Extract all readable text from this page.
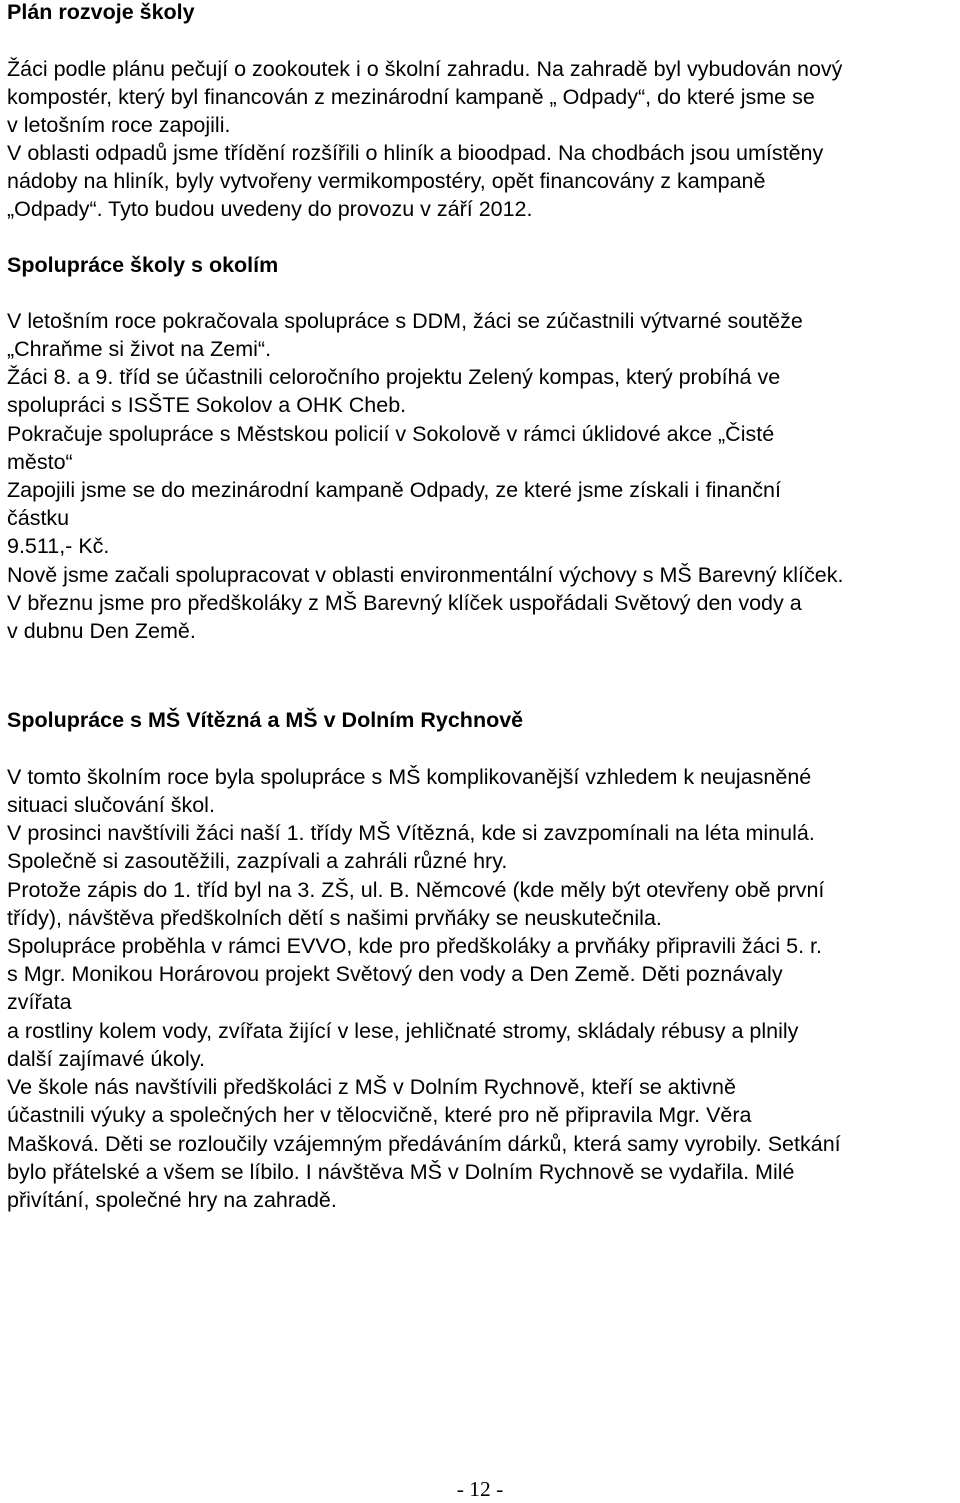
Plán rozvoje školy

Žáci podle plánu pečují o zookoutek i o školní zahradu. Na zahradě byl vybudován nový

kompostér, který byl financován z mezinárodní kampaně „ Odpady“, do které jsme se

v letošním roce zapojili.

V oblasti odpadů jsme třídění rozšířili o hliník a bioodpad. Na chodbách jsou umístěny

nádoby na hliník, byly vytvořeny vermikompostéry, opět financovány z kampaně

„Odpady“. Tyto budou uvedeny do provozu v září 2012.

Spolupráce školy s okolím

V letošním roce pokračovala spolupráce s DDM, žáci se zúčastnili výtvarné soutěže

„Chraňme si život na Zemi“.

Žáci 8. a 9. tříd se účastnili celoročního projektu Zelený kompas, který probíhá ve

spolupráci s ISŠTE Sokolov a OHK Cheb.

Pokračuje spolupráce s Městskou policií v Sokolově v rámci úklidové akce „Čisté

město“

Zapojili jsme se do mezinárodní kampaně Odpady, ze které jsme získali i finanční

částku

9.511,- Kč.

Nově jsme začali spolupracovat v oblasti environmentální výchovy s MŠ Barevný klíček.

V březnu jsme pro předškoláky z MŠ Barevný klíček uspořádali Světový den vody a

v dubnu Den Země.

Spolupráce s MŠ Vítězná a MŠ v Dolním Rychnově

V tomto školním roce byla spolupráce s MŠ komplikovanější vzhledem k neujasněné

situaci slučování škol.

V prosinci navštívili žáci naší 1. třídy MŠ Vítězná, kde si zavzpomínali na léta minulá.

Společně si zasoutěžili, zazpívali a zahráli různé hry.

Protože zápis do 1. tříd byl na 3. ZŠ, ul. B. Němcové (kde měly být otevřeny obě první

třídy), návštěva předškolních dětí s našimi prvňáky se neuskutečnila.

Spolupráce proběhla v rámci EVVO, kde pro předškoláky a prvňáky připravili žáci 5. r.

s Mgr. Monikou Horárovou projekt Světový den vody a Den Země. Děti poznávaly

zvířata

a rostliny kolem vody, zvířata žijící v lese, jehličnaté stromy, skládaly rébusy a plnily

další zajímavé úkoly.

Ve škole nás navštívili předškoláci z MŠ v Dolním Rychnově, kteří se aktivně

účastnili výuky a společných her v tělocvičně, které pro ně připravila Mgr. Věra

Mašková. Děti se rozloučily vzájemným předáváním dárků, která samy vyrobily. Setkání

bylo přátelské a všem se líbilo. I návštěva MŠ v Dolním Rychnově se vydařila. Milé

přivítání, společné hry na zahradě.

- 12 -
